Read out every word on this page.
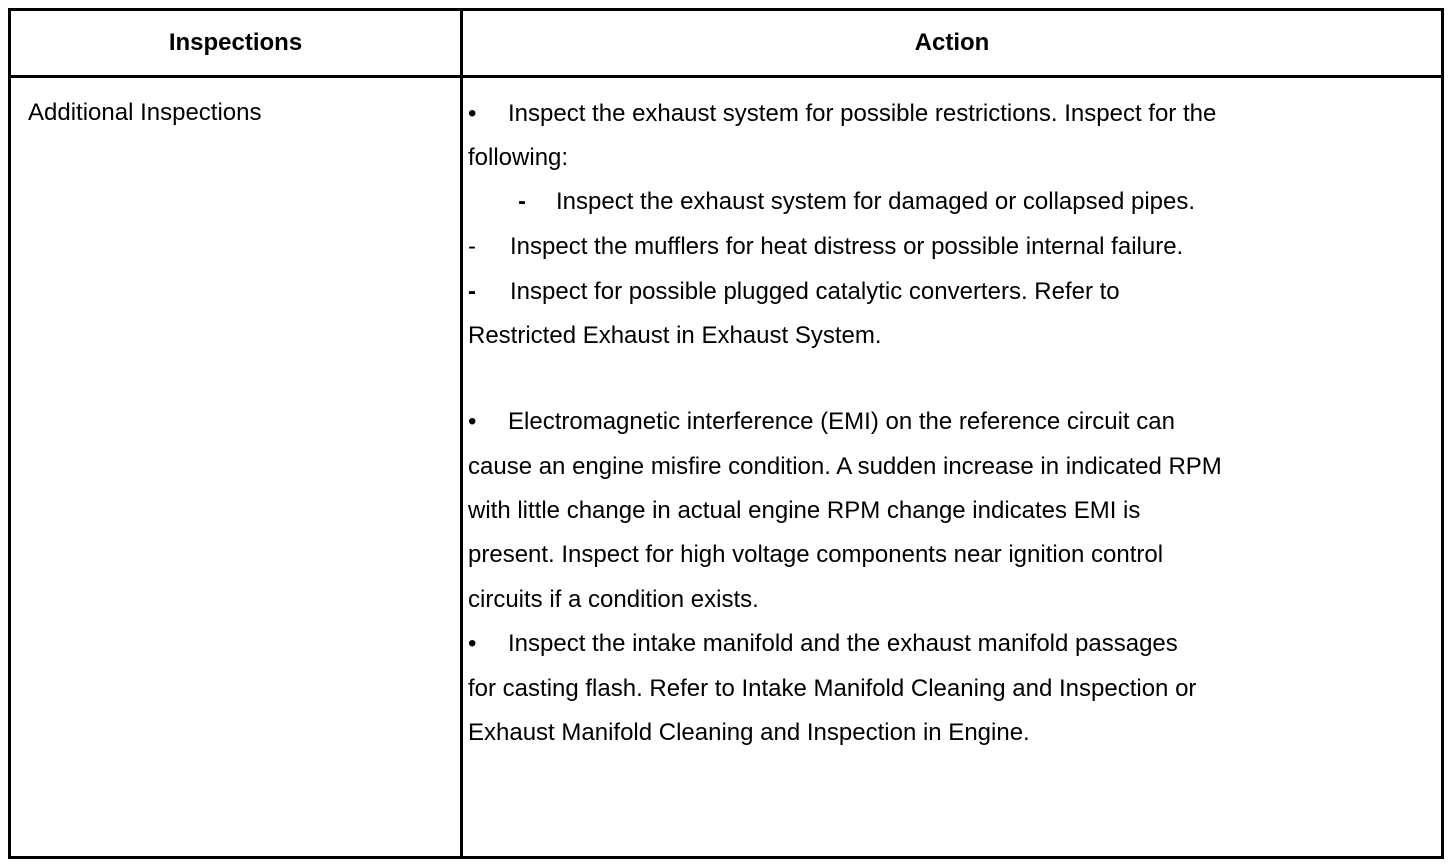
Inspections	Action
Additional Inspections	• Inspect the exhaust system for possible restrictions. Inspect for the
following:
- Inspect the exhaust system for damaged or collapsed pipes.
- Inspect the mufflers for heat distress or possible internal failure.
- Inspect for possible plugged catalytic converters. Refer to
Restricted Exhaust in Exhaust System.
• Electromagnetic interference (EMI) on the reference circuit can
cause an engine misfire condition. A sudden increase in indicated RPM
with little change in actual engine RPM change indicates EMI is
present. Inspect for high voltage components near ignition control
circuits if a condition exists.
• Inspect the intake manifold and the exhaust manifold passages
for casting flash. Refer to Intake Manifold Cleaning and Inspection or
Exhaust Manifold Cleaning and Inspection in Engine.
